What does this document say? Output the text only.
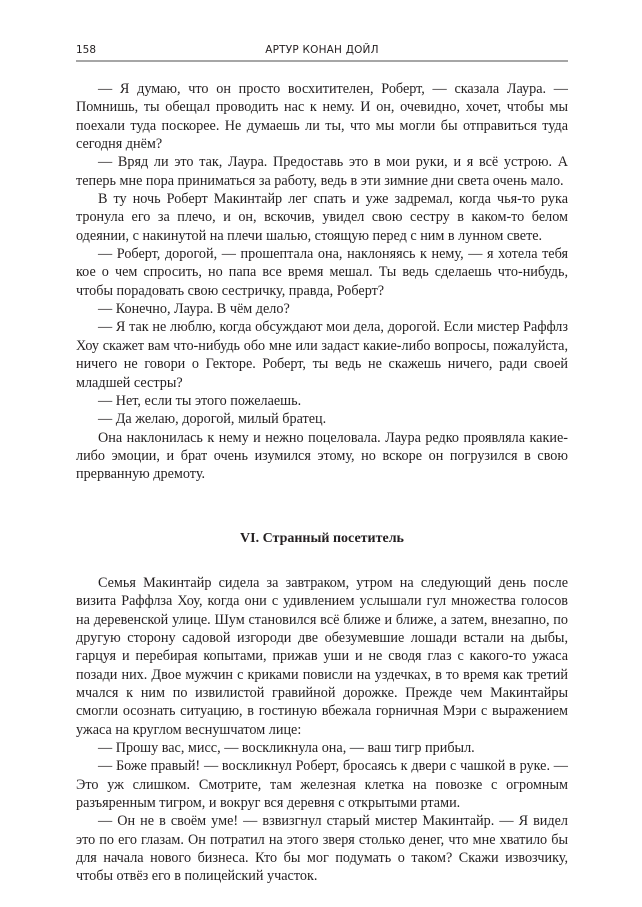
158	АРТУР КОНАН ДОЙЛ

— Я думаю, что он просто восхитителен, Роберт, — сказала Лаура. — Помнишь, ты обещал проводить нас к нему. И он, очевидно, хочет, чтобы мы поехали туда поскорее. Не думаешь ли ты, что мы могли бы отправиться туда сегодня днём?

— Вряд ли это так, Лаура. Предоставь это в мои руки, и я всё устрою. А теперь мне пора приниматься за работу, ведь в эти зимние дни света очень мало.

В ту ночь Роберт Макинтайр лег спать и уже задремал, когда чья-то рука тронула его за плечо, и он, вскочив, увидел свою сестру в каком-то белом одеянии, с накинутой на плечи шалью, стоящую перед с ним в лунном свете.

— Роберт, дорогой, — прошептала она, наклоняясь к нему, — я хотела тебя кое о чем спросить, но папа все время мешал. Ты ведь сделаешь что-нибудь, чтобы порадовать свою сестричку, правда, Роберт?

— Конечно, Лаура. В чём дело?

— Я так не люблю, когда обсуждают мои дела, дорогой. Если мистер Раффлз Хоу скажет вам что-нибудь обо мне или задаст какие-либо вопросы, пожалуйста, ничего не говори о Гекторе. Роберт, ты ведь не скажешь ничего, ради своей младшей сестры?

— Нет, если ты этого пожелаешь.

— Да желаю, дорогой, милый братец.

Она наклонилась к нему и нежно поцеловала. Лаура редко проявляла какие-либо эмоции, и брат очень изумился этому, но вскоре он погрузился в свою прерванную дремоту.

VI. Странный посетитель

Семья Макинтайр сидела за завтраком, утром на следующий день после визита Раффлза Хоу, когда они с удивлением услышали гул множества голосов на деревенской улице. Шум становился всё ближе и ближе, а затем, внезапно, по другую сторону садовой изгороди две обезумевшие лошади встали на дыбы, гарцуя и перебирая копытами, прижав уши и не сводя глаз с какого-то ужаса позади них. Двое мужчин с криками повисли на уздечках, в то время как третий мчался к ним по извилистой гравийной дорожке. Прежде чем Макинтайры смогли осознать ситуацию, в гостиную вбежала горничная Мэри с выражением ужаса на круглом веснушчатом лице:

— Прошу вас, мисс, — воскликнула она, — ваш тигр прибыл.

— Боже правый! — воскликнул Роберт, бросаясь к двери с чашкой в руке. — Это уж слишком. Смотрите, там железная клетка на повозке с огромным разъяренным тигром, и вокруг вся деревня с открытыми ртами.

— Он не в своём уме! — взвизгнул старый мистер Макинтайр. — Я видел это по его глазам. Он потратил на этого зверя столько денег, что мне хватило бы для начала нового бизнеса. Кто бы мог подумать о таком? Скажи извозчику, чтобы отвёз его в полицейский участок.
